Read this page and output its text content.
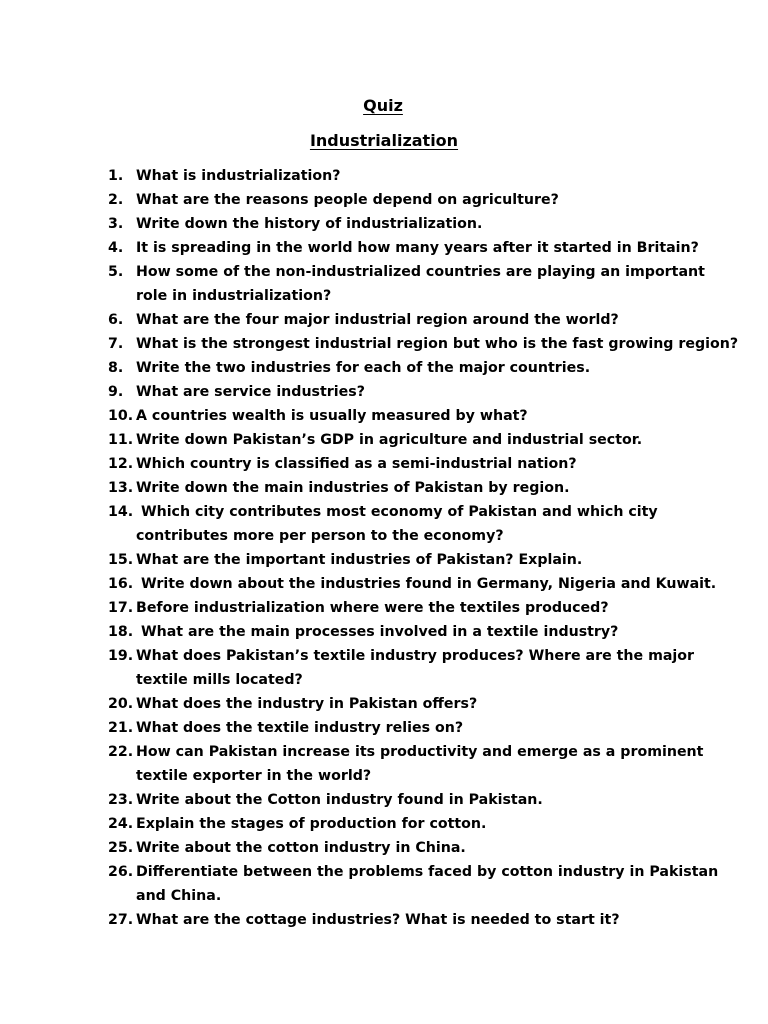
Quiz
Industrialization
1. What is industrialization?
2. What are the reasons people depend on agriculture?
3. Write down the history of industrialization.
4. It is spreading in the world how many years after it started in Britain?
5. How some of the non-industrialized countries are playing an important
role in industrialization?
6. What are the four major industrial region around the world?
7. What is the strongest industrial region but who is the fast growing region?
8. Write the two industries for each of the major countries.
9. What are service industries?
10. A countries wealth is usually measured by what?
11. Write down Pakistan’s GDP in agriculture and industrial sector.
12. Which country is classified as a semi-industrial nation?
13. Write down the main industries of Pakistan by region.
14. Which city contributes most economy of Pakistan and which city
contributes more per person to the economy?
15. What are the important industries of Pakistan? Explain.
16. Write down about the industries found in Germany, Nigeria and Kuwait.
17. Before industrialization where were the textiles produced?
18. What are the main processes involved in a textile industry?
19. What does Pakistan’s textile industry produces? Where are the major
textile mills located?
20. What does the industry in Pakistan offers?
21. What does the textile industry relies on?
22. How can Pakistan increase its productivity and emerge as a prominent
textile exporter in the world?
23. Write about the Cotton industry found in Pakistan.
24. Explain the stages of production for cotton.
25. Write about the cotton industry in China.
26. Differentiate between the problems faced by cotton industry in Pakistan
and China.
27. What are the cottage industries? What is needed to start it?
